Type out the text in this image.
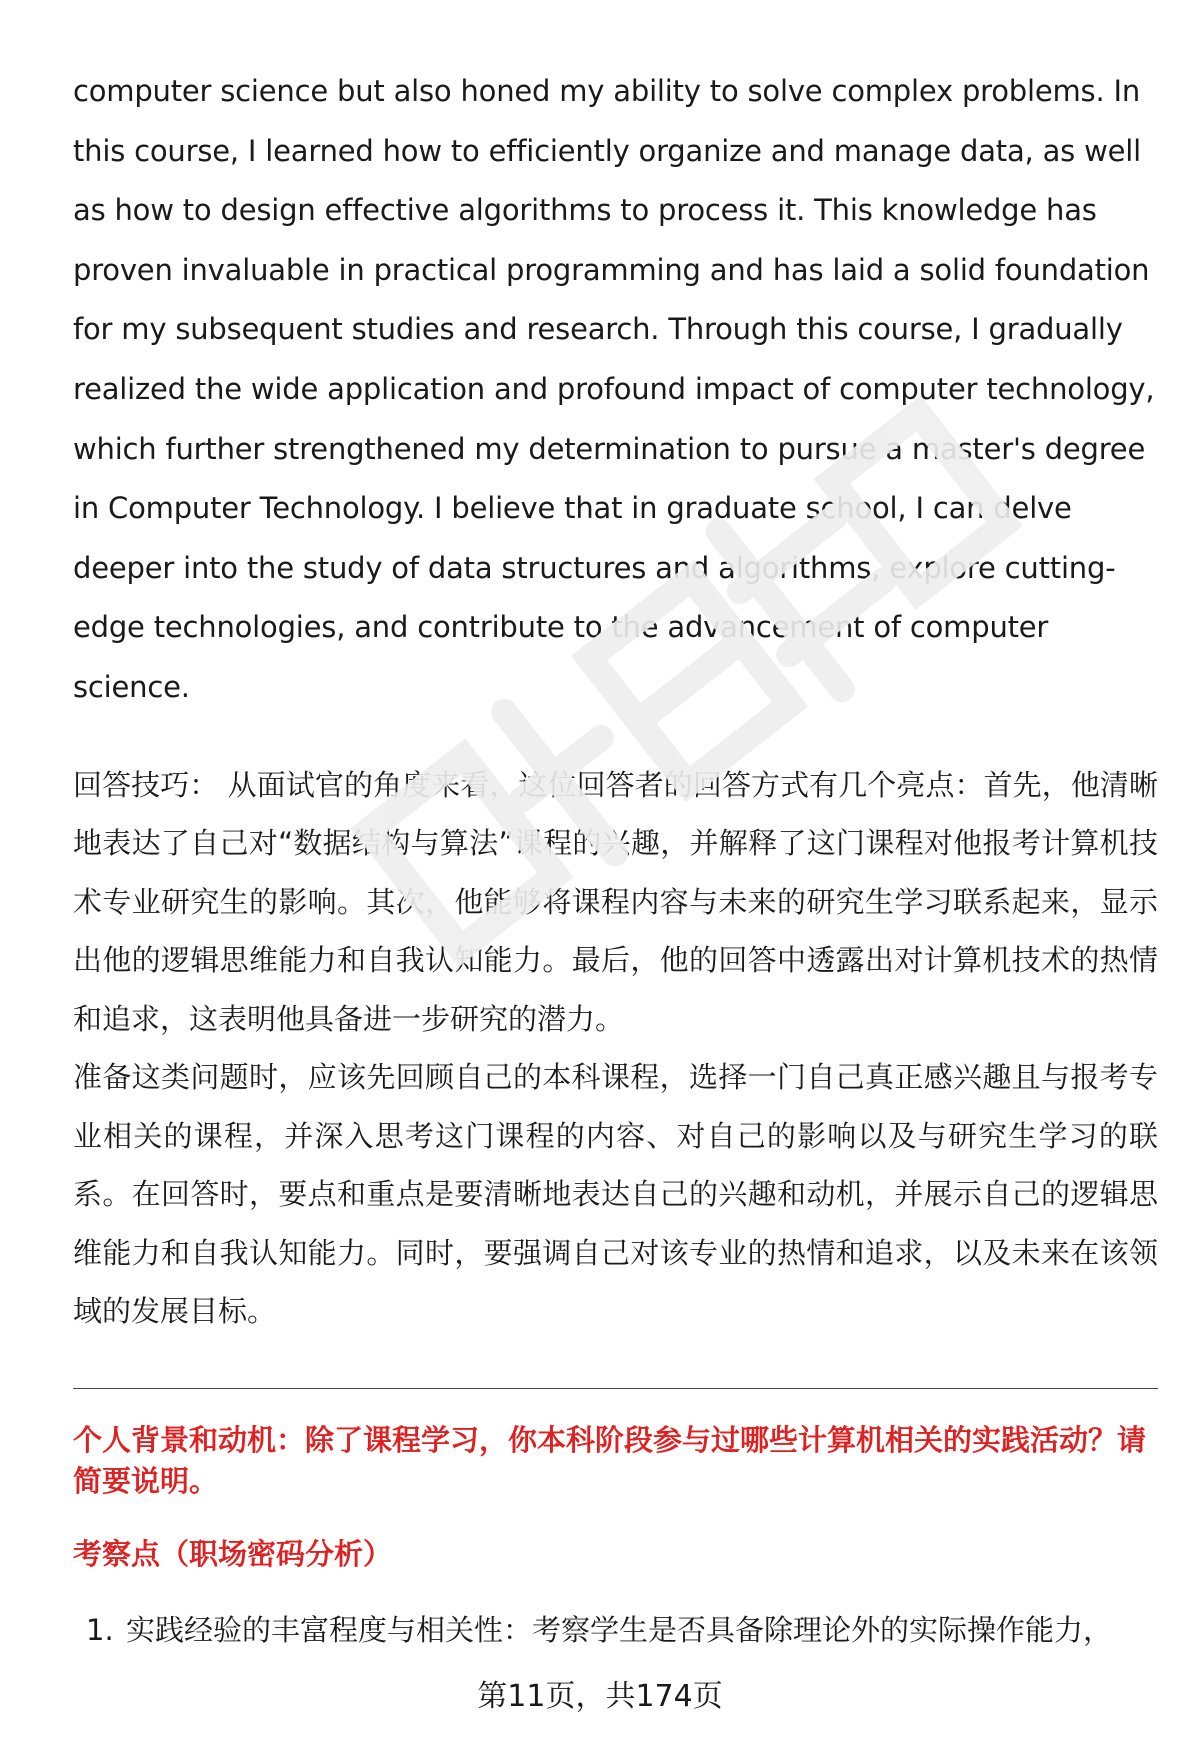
computer science but also honed my ability to solve complex problems. In this course, I learned how to efficiently organize and manage data, as well as how to design effective algorithms to process it. This knowledge has proven invaluable in practical programming and has laid a solid foundation for my subsequent studies and research. Through this course, I gradually realized the wide application and profound impact of computer technology, which further strengthened my determination to pursue a master's degree in Computer Technology. I believe that in graduate school, I can delve deeper into the study of data structures and algorithms, explore cutting-edge technologies, and contribute to the advancement of computer science.

回答技巧： 从面试官的角度来看，这位回答者的回答方式有几个亮点：首先，他清晰地表达了自己对“数据结构与算法”课程的兴趣，并解释了这门课程对他报考计算机技术专业研究生的影响。其次，他能够将课程内容与未来的研究生学习联系起来，显示出他的逻辑思维能力和自我认知能力。最后，他的回答中透露出对计算机技术的热情和追求，这表明他具备进一步研究的潜力。

准备这类问题时，应该先回顾自己的本科课程，选择一门自己真正感兴趣且与报考专业相关的课程，并深入思考这门课程的内容、对自己的影响以及与研究生学习的联系。在回答时，要点和重点是要清晰地表达自己的兴趣和动机，并展示自己的逻辑思维能力和自我认知能力。同时，要强调自己对该专业的热情和追求，以及未来在该领域的发展目标。

个人背景和动机：除了课程学习，你本科阶段参与过哪些计算机相关的实践活动？请简要说明。

考察点（职场密码分析）

1. 实践经验的丰富程度与相关性：考察学生是否具备除理论外的实际操作能力，
第11页，共174页
